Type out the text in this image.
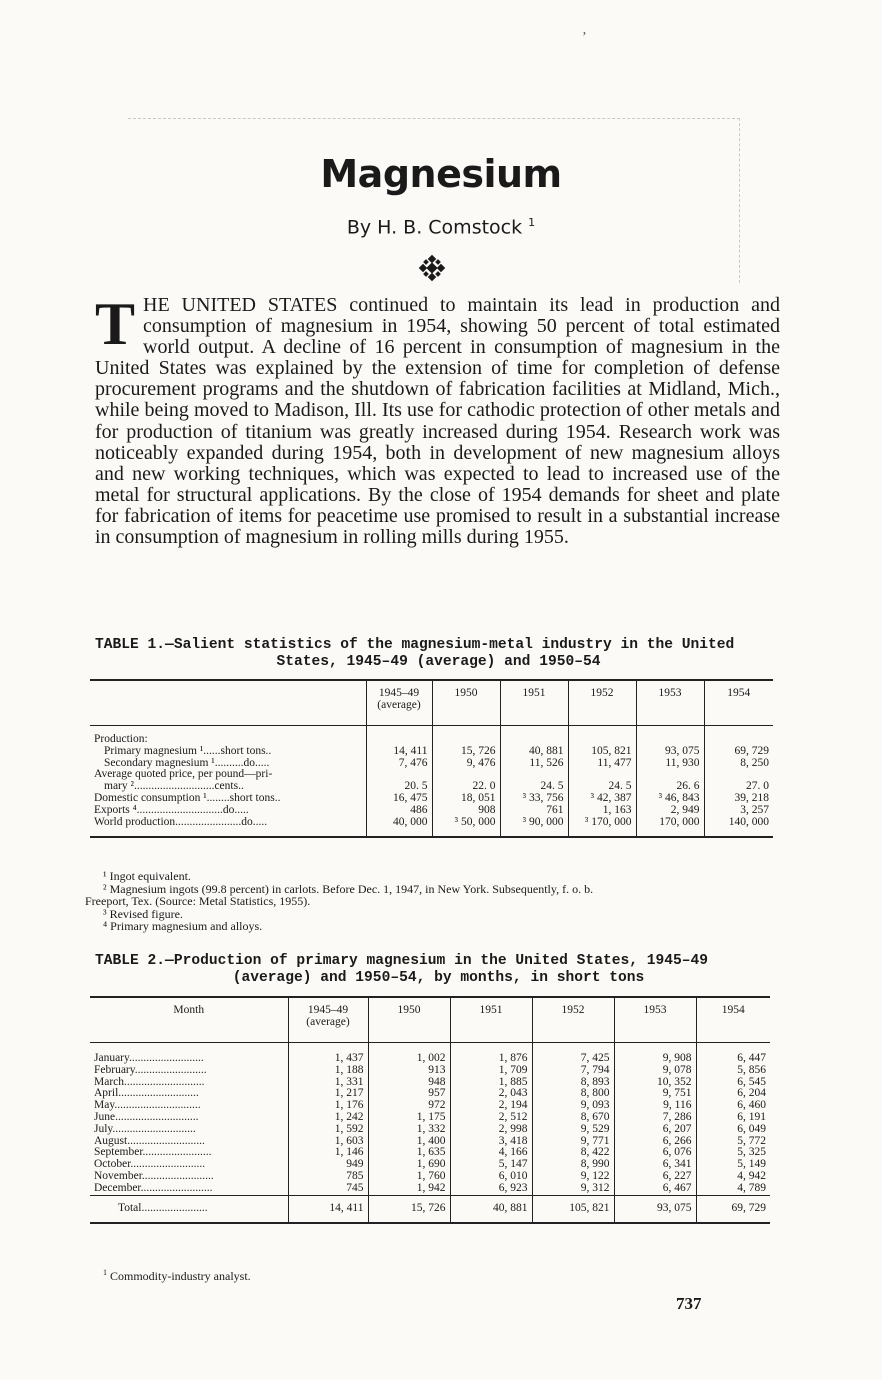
ʼ
Magnesium
By H. B. Comstock $^1$
THE UNITED STATES continued to maintain its lead in production and consumption of magnesium in 1954, showing 50 percent of total estimated world output. A decline of 16 percent in consumption of magnesium in the United States was explained by the extension of time for completion of defense procurement programs and the shutdown of fabrication facilities at Midland, Mich., while being moved to Madison, Ill. Its use for cathodic protection of other metals and for production of titanium was greatly increased during 1954. Research work was noticeably expanded during 1954, both in development of new magnesium alloys and new working techniques, which was expected to lead to increased use of the metal for structural applications. By the close of 1954 demands for sheet and plate for fabrication of items for peacetime use promised to result in a substantial increase in consumption of magnesium in rolling mills during 1955.
TABLE 1.—Salient statistics of the magnesium-metal industry in the United
States, 1945–49 (average) and 1950–54
	1945–49 (average)	1950	1951	1952	1953	1954
Production:						
Primary magnesium ¹......short tons..	14, 411	15, 726	40, 881	105, 821	93, 075	69, 729
Secondary magnesium ¹..........do.....	7, 476	9, 476	11, 526	11, 477	11, 930	8, 250
Average quoted price, per pound—pri-						
mary ²............................cents..	20. 5	22. 0	24. 5	24. 5	26. 6	27. 0
Domestic consumption ¹........short tons..	16, 475	18, 051	³ 33, 756	³ 42, 387	³ 46, 843	39, 218
Exports ⁴..............................do.....	486	908	761	1, 163	2, 949	3, 257
World production.......................do.....	40, 000	³ 50, 000	³ 90, 000	³ 170, 000	170, 000	140, 000
¹ Ingot equivalent.
² Magnesium ingots (99.8 percent) in carlots. Before Dec. 1, 1947, in New York. Subsequently, f. o. b.
Freeport, Tex. (Source: Metal Statistics, 1955).
³ Revised figure.
⁴ Primary magnesium and alloys.
TABLE 2.—Production of primary magnesium in the United States, 1945–49
(average) and 1950–54, by months, in short tons
Month	1945–49 (average)	1950	1951	1952	1953	1954
January..........................	1, 437	1, 002	1, 876	7, 425	9, 908	6, 447
February.........................	1, 188	913	1, 709	7, 794	9, 078	5, 856
March............................	1, 331	948	1, 885	8, 893	10, 352	6, 545
April............................	1, 217	957	2, 043	8, 800	9, 751	6, 204
May..............................	1, 176	972	2, 194	9, 093	9, 116	6, 460
June.............................	1, 242	1, 175	2, 512	8, 670	7, 286	6, 191
July.............................	1, 592	1, 332	2, 998	9, 529	6, 207	6, 049
August...........................	1, 603	1, 400	3, 418	9, 771	6, 266	5, 772
September........................	1, 146	1, 635	4, 166	8, 422	6, 076	5, 325
October..........................	949	1, 690	5, 147	8, 990	6, 341	5, 149
November.........................	785	1, 760	6, 010	9, 122	6, 227	4, 942
December.........................	745	1, 942	6, 923	9, 312	6, 467	4, 789
Total.......................	14, 411	15, 726	40, 881	105, 821	93, 075	69, 729
$^1$ Commodity-industry analyst.
737
